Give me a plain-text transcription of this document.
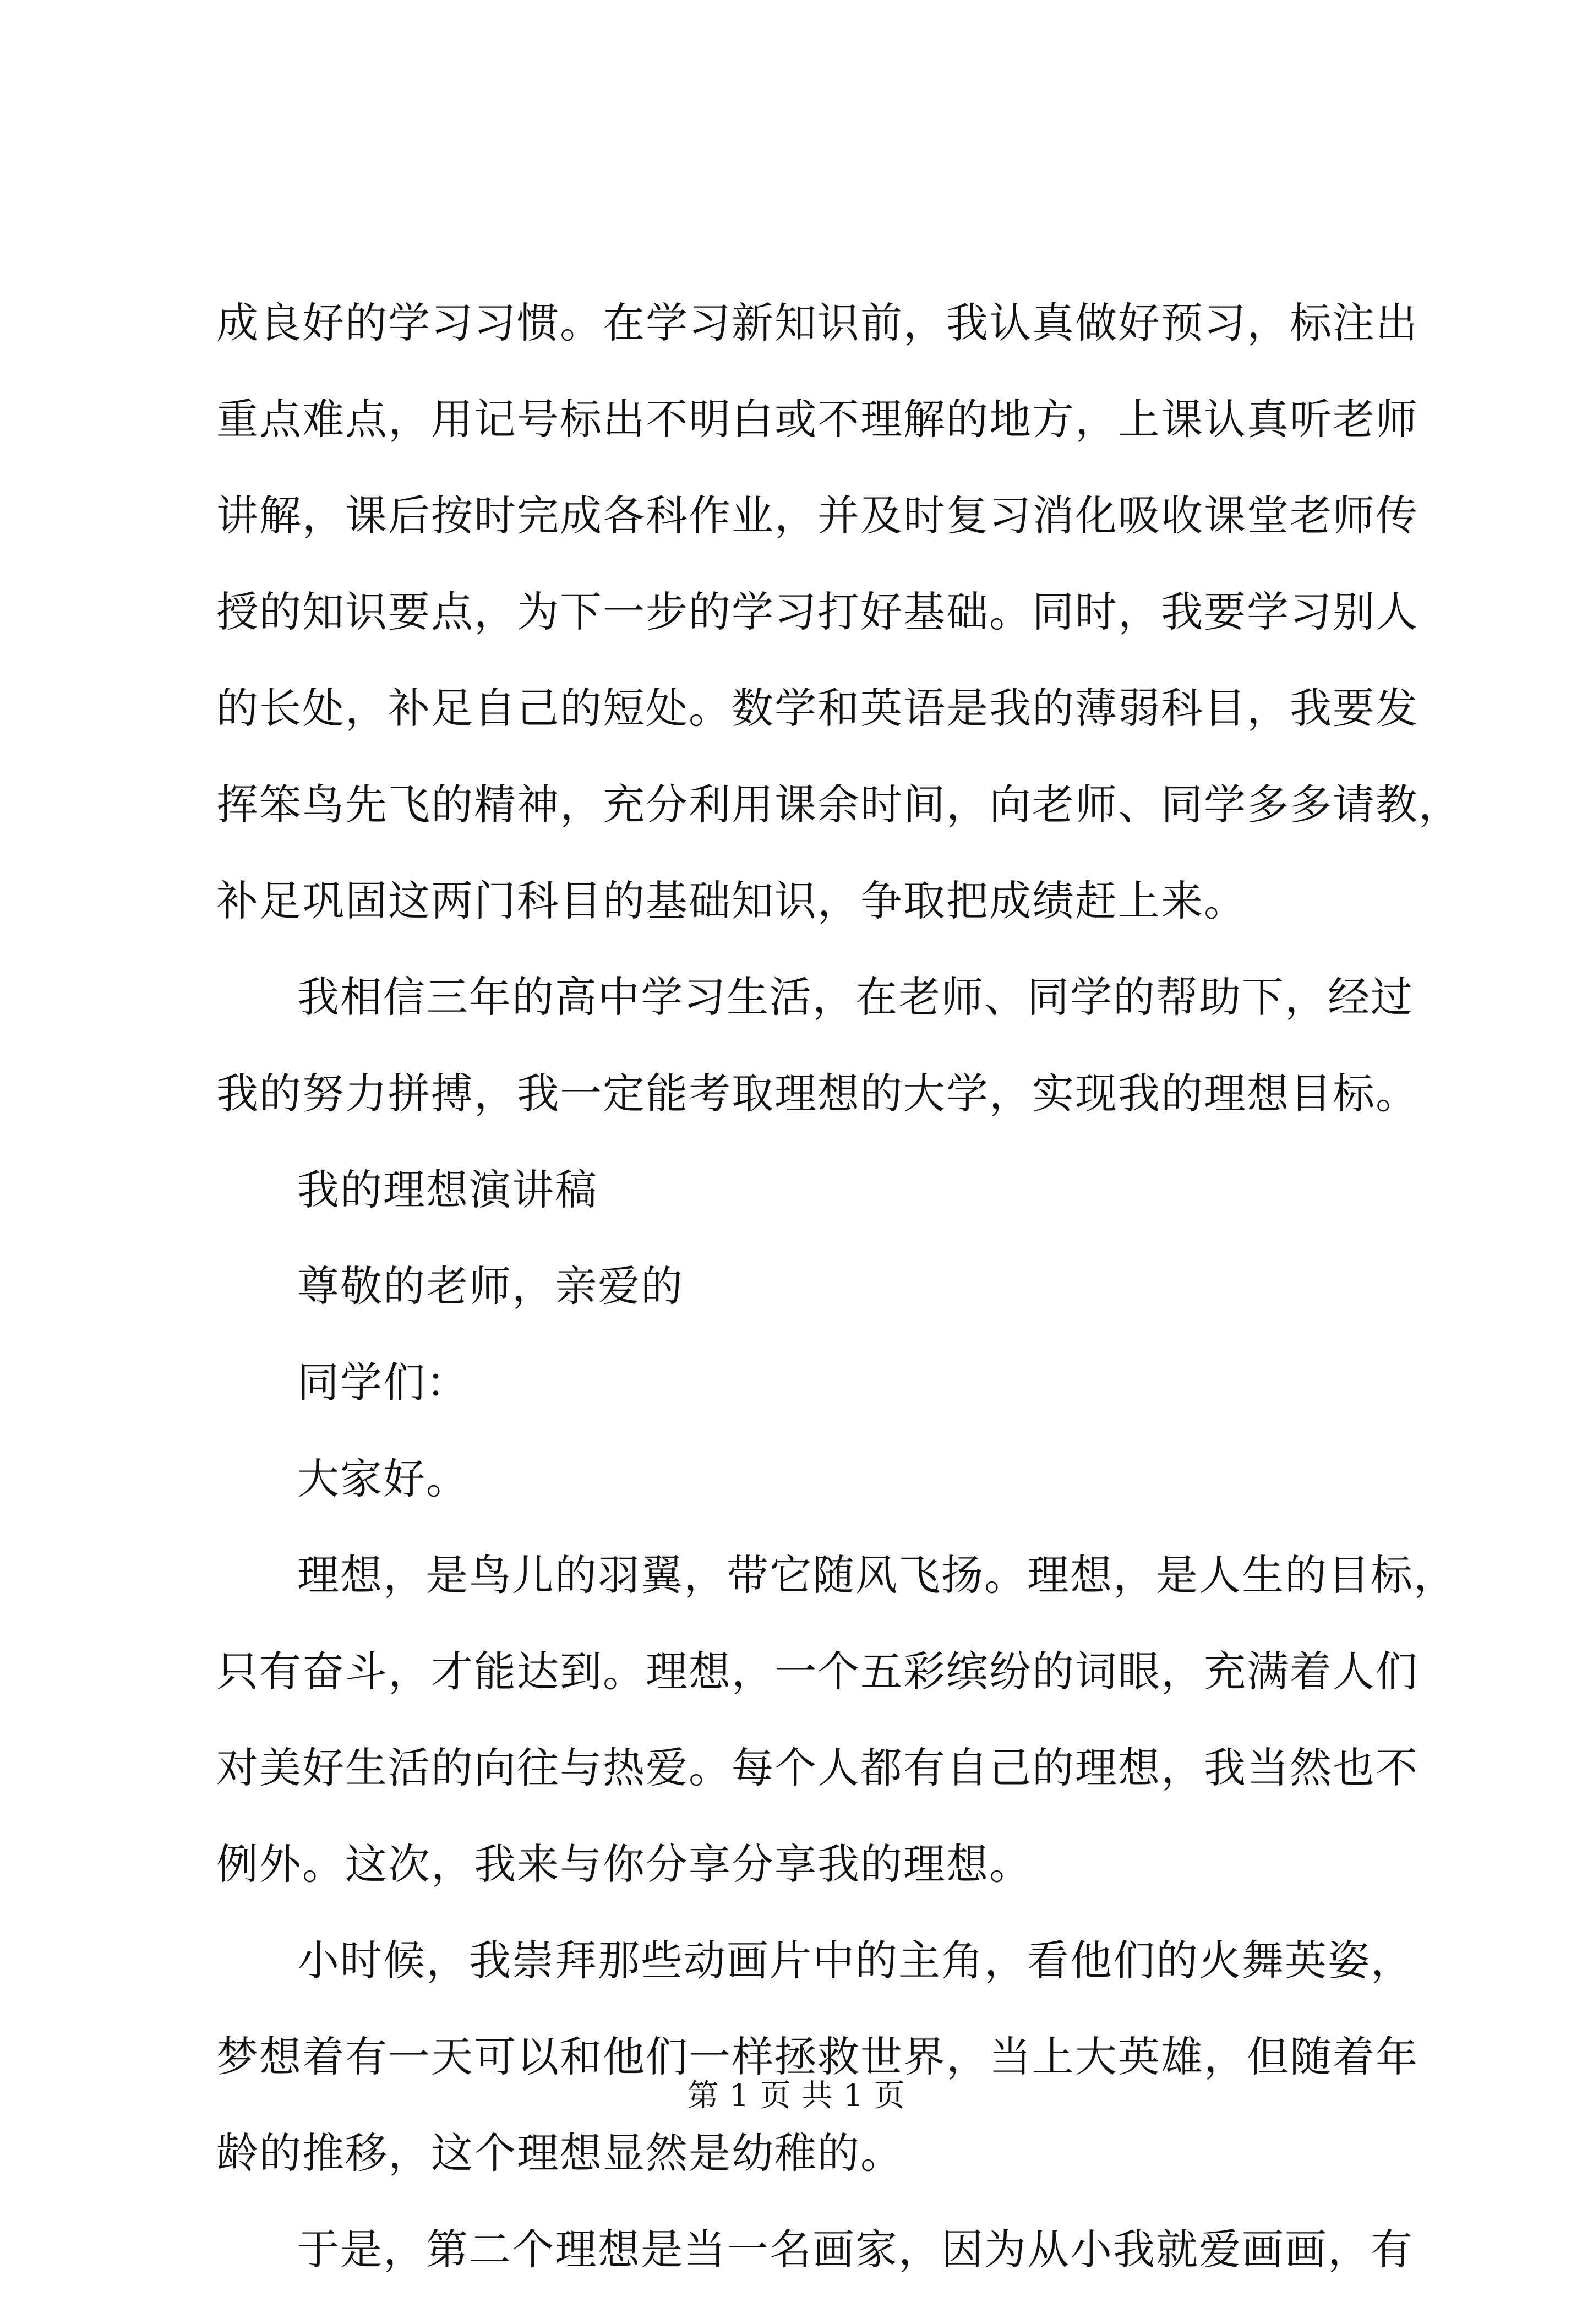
成良好的学习习惯。在学习新知识前，我认真做好预习，标注出
重点难点，用记号标出不明白或不理解的地方，上课认真听老师
讲解，课后按时完成各科作业，并及时复习消化吸收课堂老师传
授的知识要点，为下一步的学习打好基础。同时，我要学习别人
的长处，补足自己的短处。数学和英语是我的薄弱科目，我要发
挥笨鸟先飞的精神，充分利用课余时间，向老师、同学多多请教，
补足巩固这两门科目的基础知识，争取把成绩赶上来。
我相信三年的高中学习生活，在老师、同学的帮助下，经过
我的努力拼搏，我一定能考取理想的大学，实现我的理想目标。
我的理想演讲稿
尊敬的老师，亲爱的
同学们：
大家好。
理想，是鸟儿的羽翼，带它随风飞扬。理想，是人生的目标，
只有奋斗，才能达到。理想，一个五彩缤纷的词眼，充满着人们
对美好生活的向往与热爱。每个人都有自己的理想，我当然也不
例外。这次，我来与你分享分享我的理想。
小时候，我崇拜那些动画片中的主角，看他们的火舞英姿，
梦想着有一天可以和他们一样拯救世界，当上大英雄，但随着年
龄的推移，这个理想显然是幼稚的。
于是，第二个理想是当一名画家，因为从小我就爱画画，有
第 1 页 共 1 页
